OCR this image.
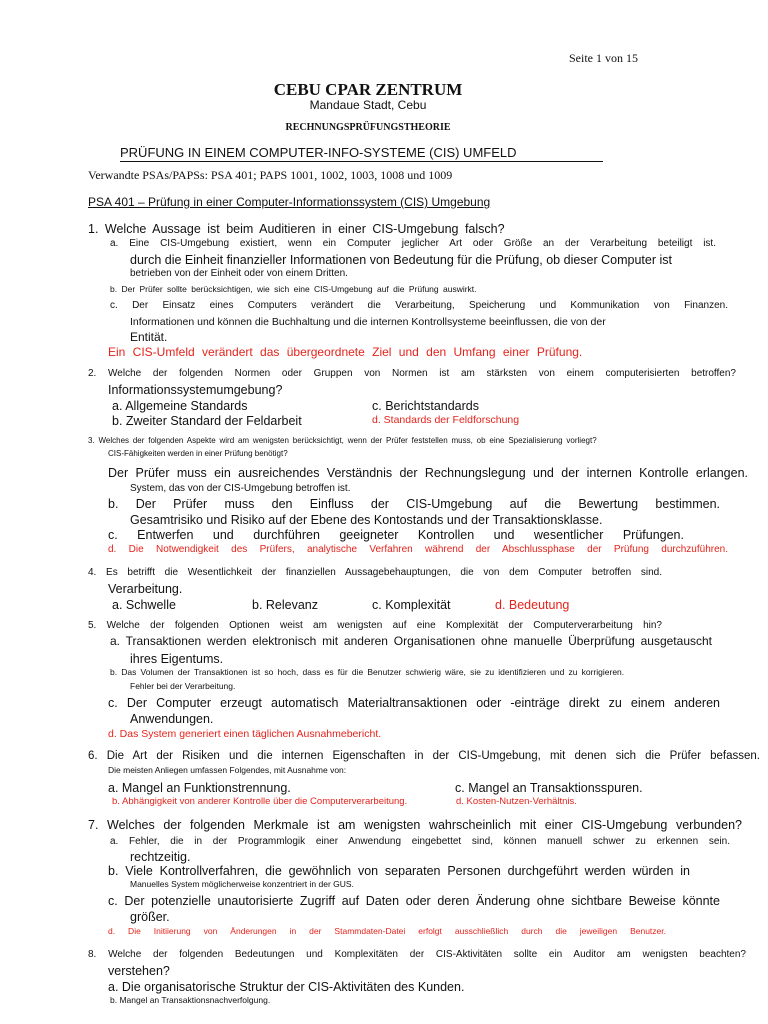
Seite 1 von 15
CEBU CPAR ZENTRUM
Mandaue Stadt, Cebu
RECHNUNGSPRÜFUNGSTHEORIE
PRÜFUNG IN EINEM COMPUTER-INFO-SYSTEME (CIS) UMFELD
Verwandte PSAs/PAPSs: PSA 401; PAPS 1001, 1002, 1003, 1008 und 1009
PSA 401 – Prüfung in einer Computer-Informationssystem (CIS) Umgebung
1. Welche Aussage ist beim Auditieren in einer CIS-Umgebung falsch?
a. Eine CIS-Umgebung existiert, wenn ein Computer jeglicher Art oder Größe an der Verarbeitung beteiligt ist.
durch die Einheit finanzieller Informationen von Bedeutung für die Prüfung, ob dieser Computer ist
betrieben von der Einheit oder von einem Dritten.
b. Der Prüfer sollte berücksichtigen, wie sich eine CIS-Umgebung auf die Prüfung auswirkt.
c. Der Einsatz eines Computers verändert die Verarbeitung, Speicherung und Kommunikation von Finanzen.
Informationen und können die Buchhaltung und die internen Kontrollsysteme beeinflussen, die von der
Entität.
Ein CIS-Umfeld verändert das übergeordnete Ziel und den Umfang einer Prüfung.
2. Welche der folgenden Normen oder Gruppen von Normen ist am stärksten von einem computerisierten betroffen?
Informationssystemumgebung?
a. Allgemeine Standards	c. Berichtstandards
b. Zweiter Standard der Feldarbeit	d. Standards der Feldforschung
3. Welches der folgenden Aspekte wird am wenigsten berücksichtigt, wenn der Prüfer feststellen muss, ob eine Spezialisierung vorliegt?
CIS-Fähigkeiten werden in einer Prüfung benötigt?
Der Prüfer muss ein ausreichendes Verständnis der Rechnungslegung und der internen Kontrolle erlangen.
System, das von der CIS-Umgebung betroffen ist.
b. Der Prüfer muss den Einfluss der CIS-Umgebung auf die Bewertung bestimmen.
Gesamtrisiko und Risiko auf der Ebene des Kontostands und der Transaktionsklasse.
c. Entwerfen und durchführen geeigneter Kontrollen und wesentlicher Prüfungen.
d. Die Notwendigkeit des Prüfers, analytische Verfahren während der Abschlussphase der Prüfung durchzuführen.
4. Es betrifft die Wesentlichkeit der finanziellen Aussagebehauptungen, die von dem Computer betroffen sind.
Verarbeitung.
a. Schwelle	b. Relevanz	c. Komplexität	d. Bedeutung
5. Welche der folgenden Optionen weist am wenigsten auf eine Komplexität der Computerverarbeitung hin?
a. Transaktionen werden elektronisch mit anderen Organisationen ohne manuelle Überprüfung ausgetauscht
ihres Eigentums.
b. Das Volumen der Transaktionen ist so hoch, dass es für die Benutzer schwierig wäre, sie zu identifizieren und zu korrigieren.
Fehler bei der Verarbeitung.
c. Der Computer erzeugt automatisch Materialtransaktionen oder -einträge direkt zu einem anderen
Anwendungen.
d. Das System generiert einen täglichen Ausnahmebericht.
6. Die Art der Risiken und die internen Eigenschaften in der CIS-Umgebung, mit denen sich die Prüfer befassen.
Die meisten Anliegen umfassen Folgendes, mit Ausnahme von:
a. Mangel an Funktionstrennung.	c. Mangel an Transaktionsspuren.
b. Abhängigkeit von anderer Kontrolle über die Computerverarbeitung.	d. Kosten-Nutzen-Verhältnis.
7. Welches der folgenden Merkmale ist am wenigsten wahrscheinlich mit einer CIS-Umgebung verbunden?
a. Fehler, die in der Programmlogik einer Anwendung eingebettet sind, können manuell schwer zu erkennen sein.
rechtzeitig.
b. Viele Kontrollverfahren, die gewöhnlich von separaten Personen durchgeführt werden würden in
Manuelles System möglicherweise konzentriert in der GUS.
c. Der potenzielle unautorisierte Zugriff auf Daten oder deren Änderung ohne sichtbare Beweise könnte
größer.
d. Die Initiierung von Änderungen in der Stammdaten-Datei erfolgt ausschließlich durch die jeweiligen Benutzer.
8. Welche der folgenden Bedeutungen und Komplexitäten der CIS-Aktivitäten sollte ein Auditor am wenigsten beachten?
verstehen?
a. Die organisatorische Struktur der CIS-Aktivitäten des Kunden.
b. Mangel an Transaktionsnachverfolgung.
